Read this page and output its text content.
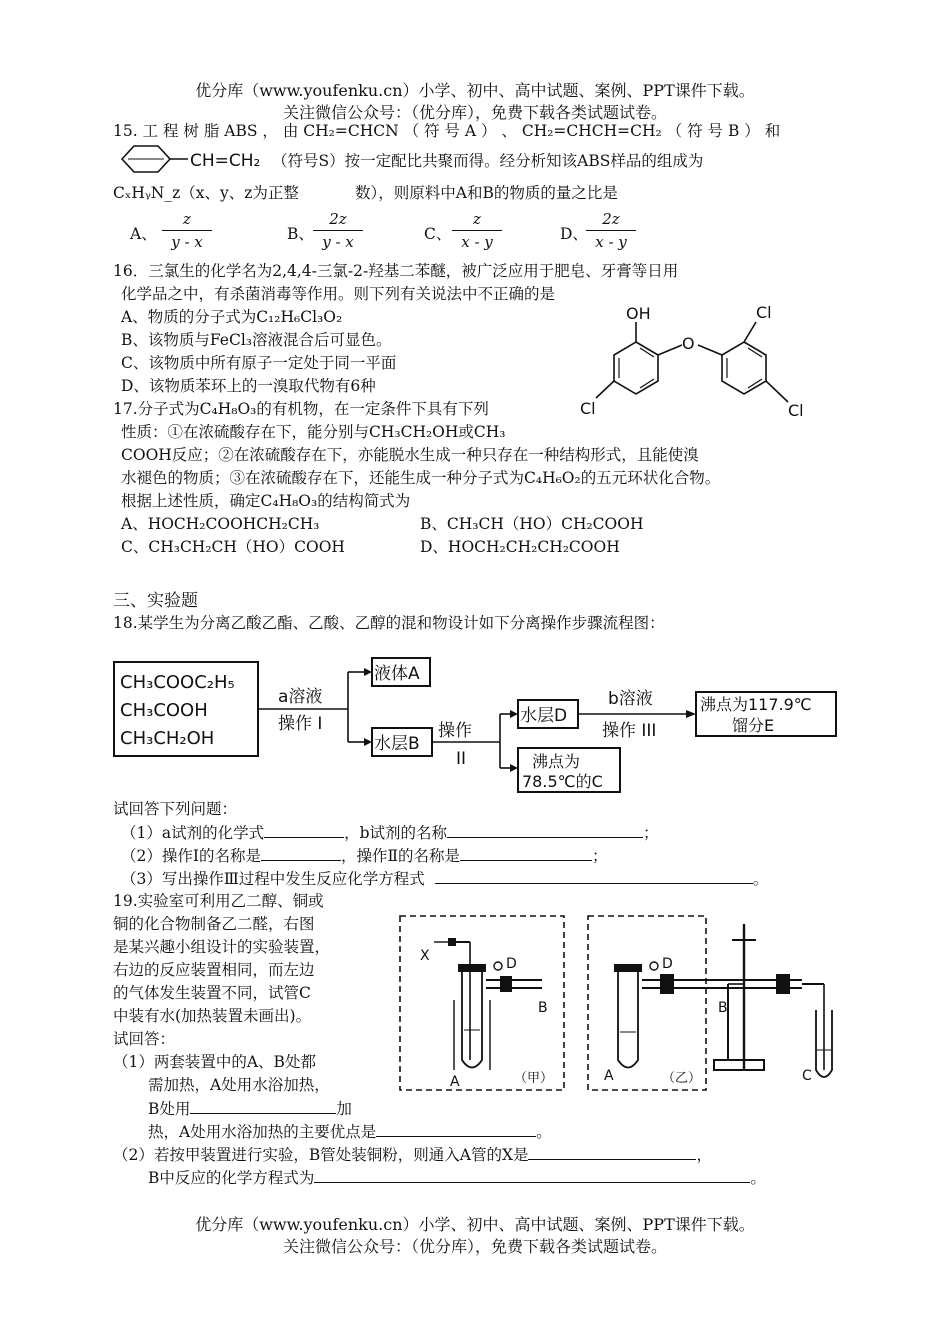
优分库（www.youfenku.cn）小学、初中、高中试题、案例、PPT课件下载。
关注微信公众号：（优分库），免费下载各类试题试卷。
15. 工 程 树 脂 ABS ， 由 CH₂=CHCN （ 符 号 A ） 、 CH₂=CHCH=CH₂ （ 符 号 B ） 和
CH=CH₂ （符号S）按一定配比共聚而得。经分析知该ABS样品的组成为
CₓHᵧN_z（x、y、z为正整	数），则原料中A和B的物质的量之比是
A、
z
y - x	B、
2z
y - x	C、
z
x - y	D、
2z
x - y
16．三氯生的化学名为2,4,4-三氯-2-羟基二苯醚，被广泛应用于肥皂、牙膏等日用
化学品之中，有杀菌消毒等作用。则下列有关说法中不正确的是
A、物质的分子式为C₁₂H₆Cl₃O₂
B、该物质与FeCl₃溶液混合后可显色。
C、该物质中所有原子一定处于同一平面
D、该物质苯环上的一溴取代物有6种
OH
O
Cl
Cl
Cl
17.分子式为C₄H₈O₃的有机物，在一定条件下具有下列
性质：①在浓硫酸存在下，能分别与CH₃CH₂OH或CH₃
COOH反应；②在浓硫酸存在下，亦能脱水生成一种只存在一种结构形式，且能使溴
水褪色的物质；③在浓硫酸存在下，还能生成一种分子式为C₄H₆O₂的五元环状化合物。
根据上述性质，确定C₄H₈O₃的结构简式为
A、HOCH₂COOHCH₂CH₃	B、CH₃CH（HO）CH₂COOH
C、CH₃CH₂CH（HO）COOH	D、HOCH₂CH₂CH₂COOH
三、实验题
18.某学生为分离乙酸乙酯、乙酸、乙醇的混和物设计如下分离操作步骤流程图：
CH₃COOC₂H₅
CH₃COOH
CH₃CH₂OH
a溶液
操作 I
液体A
水层B
操作
II
水层D
沸点为
78.5℃的C
b溶液
操作 III
沸点为117.9℃
馏分E
试回答下列问题：
（1）a试剂的化学式	，b试剂的名称	；
（2）操作Ⅰ的名称是	，操作Ⅱ的名称是	；
（3）写出操作Ⅲ过程中发生反应化学方程式	。
19.实验室可利用乙二醇、铜或
铜的化合物制备乙二醛，右图
是某兴趣小组设计的实验装置，
右边的反应装置相同，而左边
的气体发生装置不同，试管C
中装有水(加热装置未画出)。
试回答：
（1）两套装置中的A、B处都
需加热，A处用水浴加热，
B处用	加
热，A处用水浴加热的主要优点是	。
（2）若按甲装置进行实验，B管处装铜粉，则通入A管的X是	，
B中反应的化学方程式为	。
X
A
D
B
（甲）	A
D
（乙）
B
C
优分库（www.youfenku.cn）小学、初中、高中试题、案例、PPT课件下载。
关注微信公众号：（优分库），免费下载各类试题试卷。
